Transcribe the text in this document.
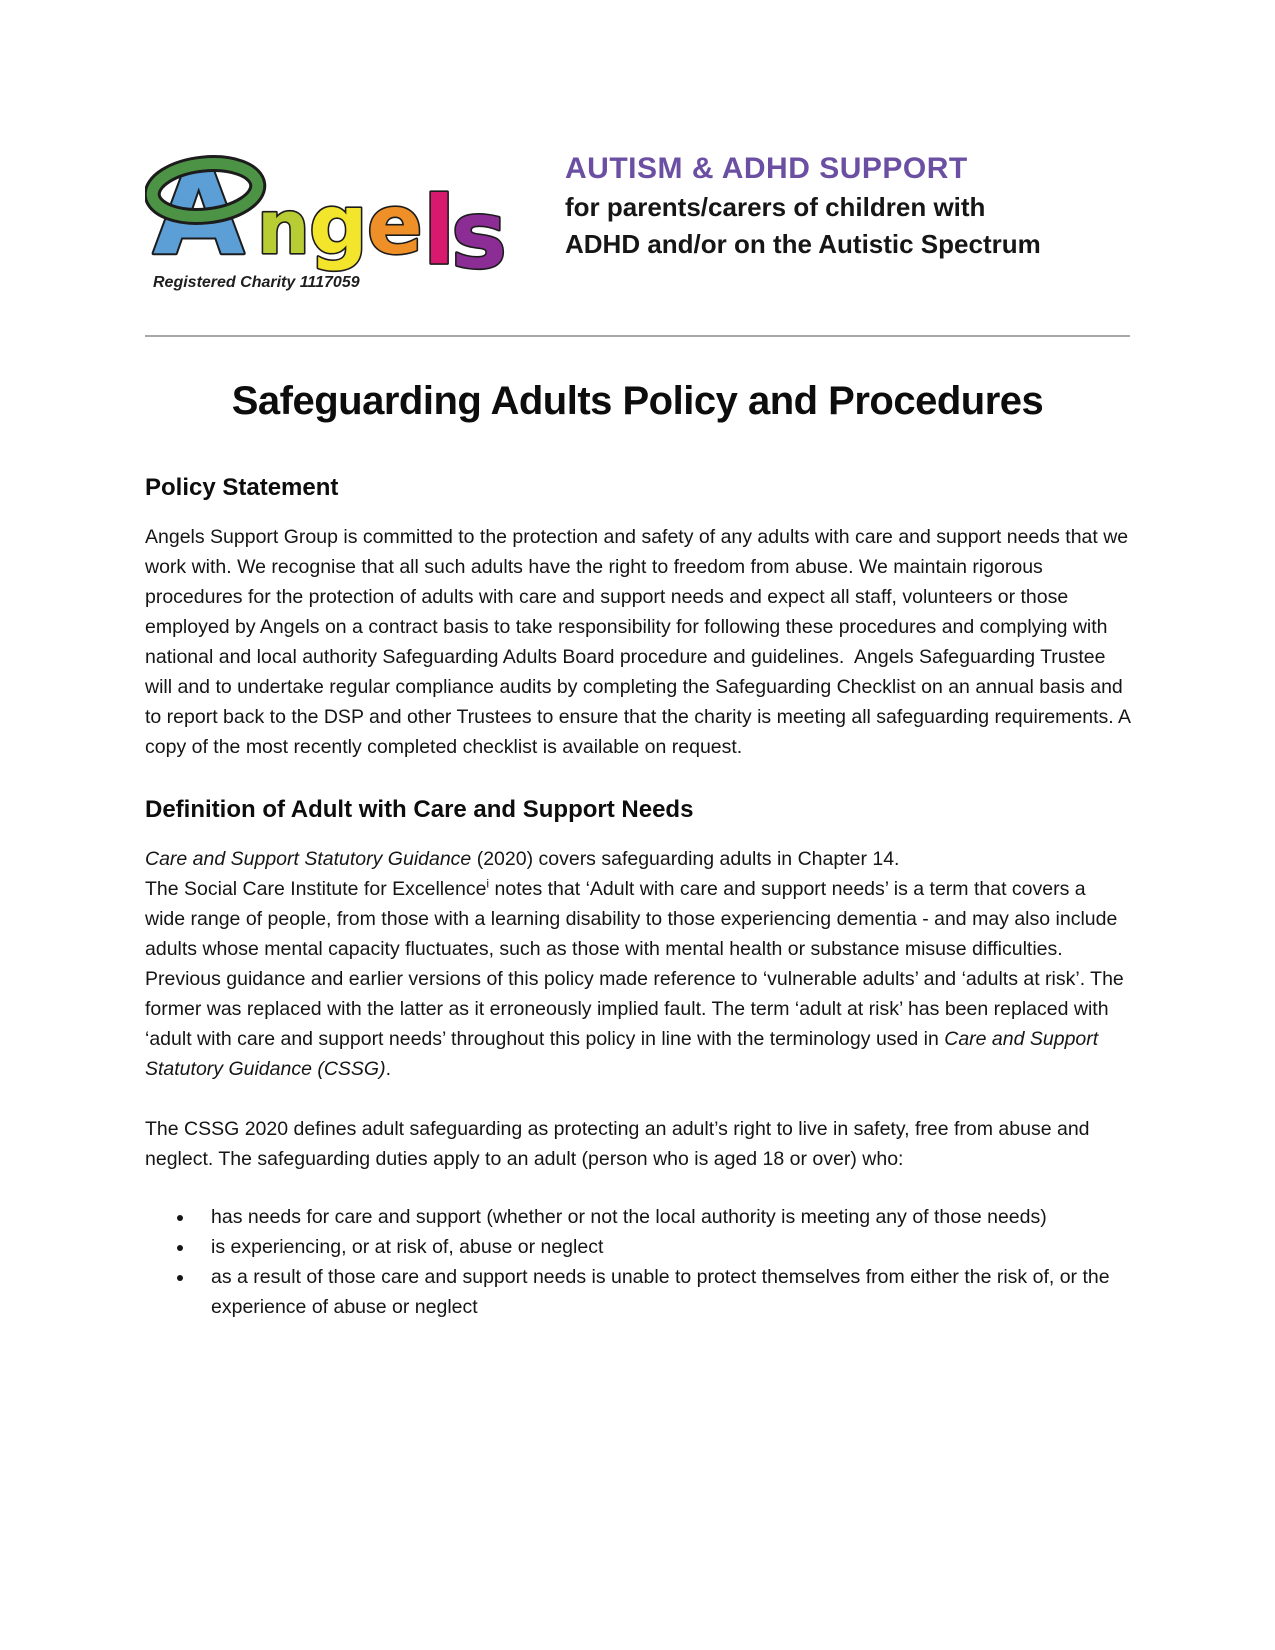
A n g e l
s
Registered Charity 1117059
AUTISM & ADHD SUPPORT
for parents/carers of children with
ADHD and/or on the Autistic Spectrum
Safeguarding Adults Policy and Procedures
Policy Statement

Angels Support Group is committed to the protection and safety of any adults with care and support needs that we work with. We recognise that all such adults have the right to freedom from abuse. We maintain rigorous procedures for the protection of adults with care and support needs and expect all staff, volunteers or those employed by Angels on a contract basis to take responsibility for following these procedures and complying with national and local authority Safeguarding Adults Board procedure and guidelines.  Angels Safeguarding Trustee will and to undertake regular compliance audits by completing the Safeguarding Checklist on an annual basis and to report back to the DSP and other Trustees to ensure that the charity is meeting all safeguarding requirements. A copy of the most recently completed checklist is available on request.

Definition of Adult with Care and Support Needs

Care and Support Statutory Guidance (2020) covers safeguarding adults in Chapter 14.
The Social Care Institute for Excellence$^i$ notes that ‘Adult with care and support needs’ is a term that covers a wide range of people, from those with a learning disability to those experiencing dementia - and may also include adults whose mental capacity fluctuates, such as those with mental health or substance misuse difficulties. Previous guidance and earlier versions of this policy made reference to ‘vulnerable adults’ and ‘adults at risk’. The former was replaced with the latter as it erroneously implied fault. The term ‘adult at risk’ has been replaced with ‘adult with care and support needs’ throughout this policy in line with the terminology used in Care and Support Statutory Guidance (CSSG).

The CSSG 2020 defines adult safeguarding as protecting an adult’s right to live in safety, free from abuse and neglect. The safeguarding duties apply to an adult (person who is aged 18 or over) who:

• has needs for care and support (whether or not the local authority is meeting any of those needs)
• is experiencing, or at risk of, abuse or neglect
• as a result of those care and support needs is unable to protect themselves from either the risk of, or the experience of abuse or neglect
